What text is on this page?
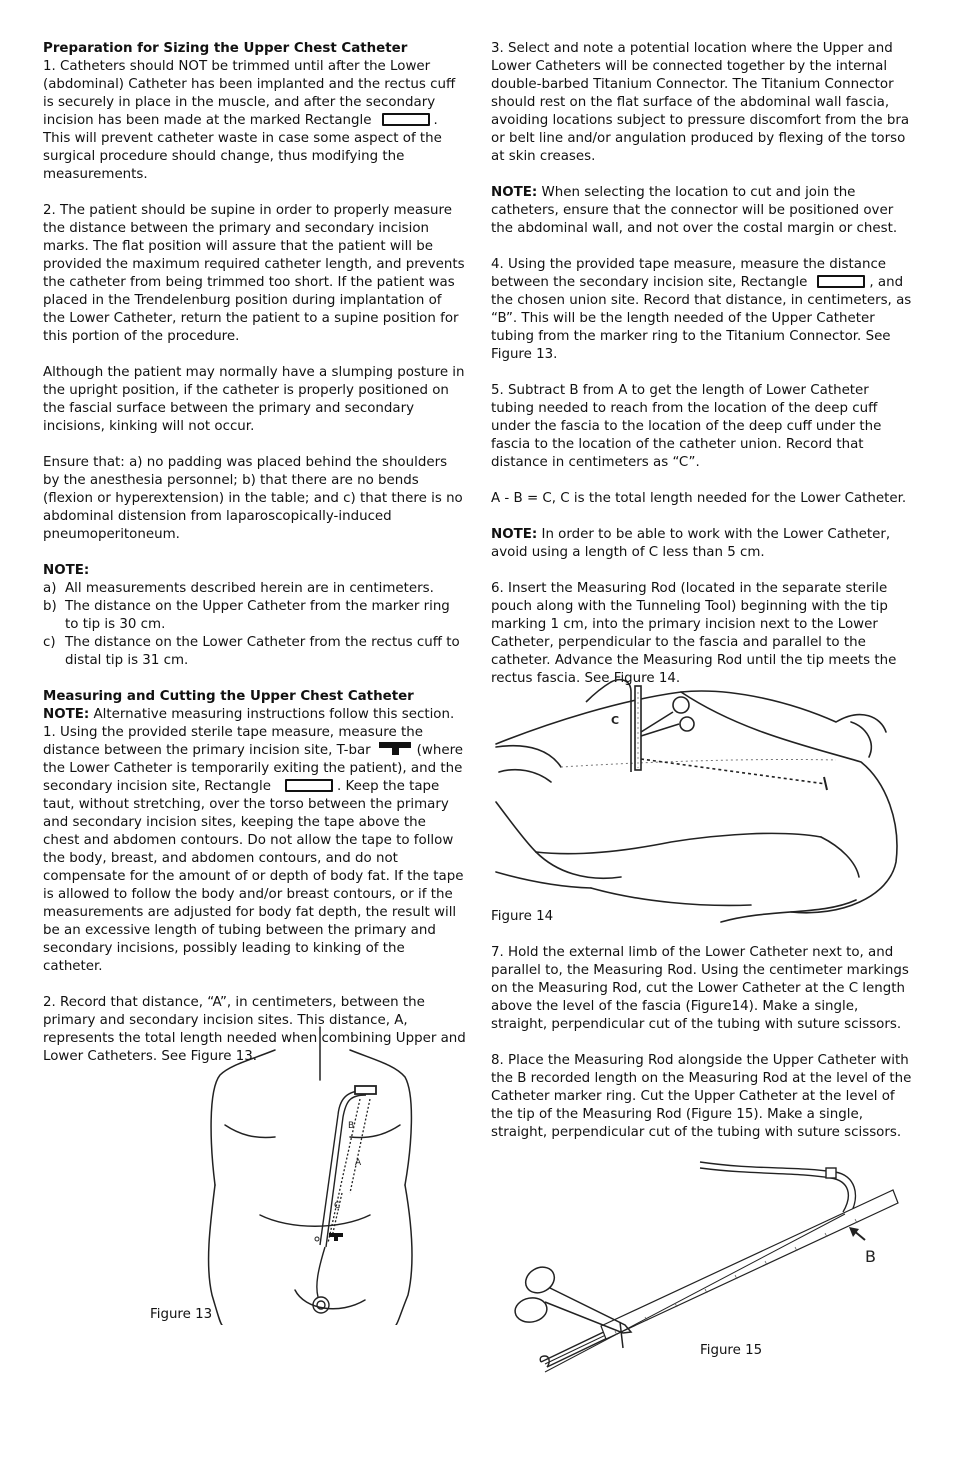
Preparation for Sizing the Upper Chest Catheter

1. Catheters should NOT be trimmed until after the Lower (abdominal) Catheter has been implanted and the rectus cuff is securely in place in the muscle, and after the secondary incision has been made at the marked Rectangle	. This will prevent catheter waste in case some aspect of the surgical procedure should change, thus modifying the measurements.

2. The patient should be supine in order to properly measure the distance between the primary and secondary incision marks. The flat position will assure that the patient will be provided the maximum required catheter length, and prevents the catheter from being trimmed too short. If the patient was placed in the Trendelenburg position during implantation of the Lower Catheter, return the patient to a supine position for this portion of the procedure.

Although the patient may normally have a slumping posture in the upright position, if the catheter is properly positioned on the fascial surface between the primary and secondary incisions, kinking will not occur.

Ensure that: a) no padding was placed behind the shoulders by the anesthesia personnel; b) that there are no bends (flexion or hyperextension) in the table; and c) that there is no abdominal distension from laparoscopically-induced pneumoperitoneum.

NOTE:

a) All measurements described herein are in centimeters.
b) The distance on the Upper Catheter from the marker ring to tip is 30 cm.
c) The distance on the Lower Catheter from the rectus cuff to distal tip is 31 cm.

Measuring and Cutting the Upper Chest Catheter

NOTE: Alternative measuring instructions follow this section.

1. Using the provided sterile tape measure, measure the distance between the primary incision site, T-bar	(where the Lower Catheter is temporarily exiting the patient), and the secondary incision site, Rectangle	. Keep the tape taut, without stretching, over the torso between the primary and secondary incision sites, keeping the tape above the chest and abdomen contours. Do not allow the tape to follow the body, breast, and abdomen contours, and do not compensate for the amount of or depth of body fat. If the tape is allowed to follow the body and/or breast contours, or if the measurements are adjusted for body fat depth, the result will be an excessive length of tubing between the primary and secondary incisions, possibly leading to kinking of the catheter.

2. Record that distance, “A”, in centimeters, between the primary and secondary incision sites. This distance, A, represents the total length needed when combining Upper and Lower Catheters. See Figure 13.

3. Select and note a potential location where the Upper and Lower Catheters will be connected together by the internal double-barbed Titanium Connector. The Titanium Connector should rest on the flat surface of the abdominal wall fascia, avoiding locations subject to pressure discomfort from the bra or belt line and/or angulation produced by flexing of the torso at skin creases.

NOTE: When selecting the location to cut and join the catheters, ensure that the connector will be positioned over the abdominal wall, and not over the costal margin or chest.

4. Using the provided tape measure, measure the distance between the secondary incision site, Rectangle	, and the chosen union site. Record that distance, in centimeters, as “B”. This will be the length needed of the Upper Catheter tubing from the marker ring to the Titanium Connector. See Figure 13.

5. Subtract B from A to get the length of Lower Catheter tubing needed to reach from the location of the deep cuff under the fascia to the location of the deep cuff under the fascia to the location of the catheter union. Record that distance in centimeters as “C”.

A - B = C, C is the total length needed for the Lower Catheter.

NOTE: In order to be able to work with the Lower Catheter, avoid using a length of C less than 5 cm.

6. Insert the Measuring Rod (located in the separate sterile pouch along with the Tunneling Tool) beginning with the tip marking 1 cm, into the primary incision next to the Lower Catheter, perpendicular to the fascia and parallel to the catheter. Advance the Measuring Rod until the tip meets the rectus fascia. See Figure 14.

C
Figure 14

7. Hold the external limb of the Lower Catheter next to, and parallel to, the Measuring Rod. Using the centimeter markings on the Measuring Rod, cut the Lower Catheter at the C length above the level of the fascia (Figure14). Make a single, straight, perpendicular cut of the tubing with suture scissors.

8. Place the Measuring Rod alongside the Upper Catheter with the B recorded length on the Measuring Rod at the level of the Catheter marker ring. Cut the Upper Catheter at the level of the tip of the Measuring Rod (Figure 15). Make a single, straight, perpendicular cut of the tubing with suture scissors.

B
A
C
Figure 13
B
Figure 15
